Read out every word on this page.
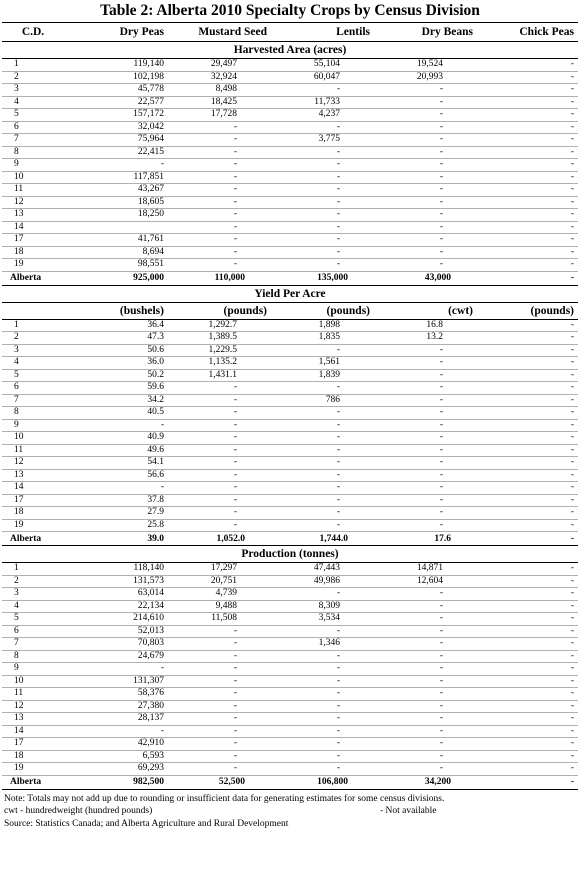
Table 2: Alberta 2010 Specialty Crops by Census Division
C.D.	Dry Peas	Mustard Seed	Lentils	Dry Beans	Chick Peas
Harvested Area (acres)					
1	119,140	29,497	55,104	19,524	-
2	102,198	32,924	60,047	20,993	-
3	45,778	8,498	-	-	-
4	22,577	18,425	11,733	-	-
5	157,172	17,728	4,237	-	-
6	32,042	-	-	-	-
7	75,964	-	3,775	-	-
8	22,415	-	-	-	-
9	-	-	-	-	-
10	117,851	-	-	-	-
11	43,267	-	-	-	-
12	18,605	-	-	-	-
13	18,250	-	-	-	-
14		-	-	-	-
17	41,761	-	-	-	-
18	8,694	-	-	-	-
19	98,551	-	-	-	-
Alberta	925,000	110,000	135,000	43,000	-
Yield Per Acre					
	(bushels)	(pounds)	(pounds)	(cwt)	(pounds)
1	36.4	1,292.7	1,898	16.8	-
2	47.3	1,389.5	1,835	13.2	-
3	50.6	1,229.5	-	-	-
4	36.0	1,135.2	1,561	-	-
5	50.2	1,431.1	1,839	-	-
6	59.6	-	-	-	-
7	34.2	-	786	-	-
8	40.5	-	-	-	-
9	-	-	-	-	-
10	40.9	-	-	-	-
11	49.6	-	-	-	-
12	54.1	-	-	-	-
13	56.6	-	-	-	-
14	-	-	-	-	-
17	37.8	-	-	-	-
18	27.9	-	-	-	-
19	25.8	-	-	-	-
Alberta	39.0	1,052.0	1,744.0	17.6	-
Production (tonnes)					
1	118,140	17,297	47,443	14,871	-
2	131,573	20,751	49,986	12,604	-
3	63,014	4,739	-	-	-
4	22,134	9,488	8,309	-	-
5	214,610	11,508	3,534	-	-
6	52,013	-	-	-	-
7	70,803	-	1,346	-	-
8	24,679	-	-	-	-
9	-	-	-	-	-
10	131,307	-	-	-	-
11	58,376	-	-	-	-
12	27,380	-	-	-	-
13	28,137	-	-	-	-
14	-	-	-	-	-
17	42,910	-	-	-	-
18	6,593	-	-	-	-
19	69,293	-	-	-	-
Alberta	982,500	52,500	106,800	34,200	-
Note: Totals may not add up due to rounding or insufficient data for generating estimates for some census divisions.
cwt - hundredweight (hundred pounds)	- Not available
Source: Statistics Canada; and Alberta Agriculture and Rural Development
